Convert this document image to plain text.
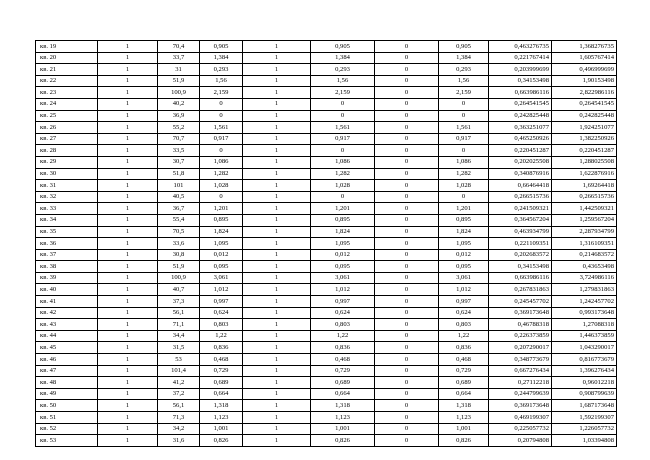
кв. 19	1	70,4	0,905	1	0,905	0	0,905	0,463276735	1,368276735
кв. 20	1	33,7	1,384	1	1,384	0	1,384	0,221767414	1,605767414
кв. 21	1	31	0,293	1	0,293	0	0,293	0,203999699	0,496999699
кв. 22	1	51,9	1,56	1	1,56	0	1,56	0,34153498	1,90153498
кв. 23	1	100,9	2,159	1	2,159	0	2,159	0,663986116	2,822986116
кв. 24	1	40,2	0	1	0	0	0	0,264541545	0,264541545
кв. 25	1	36,9	0	1	0	0	0	0,242825448	0,242825448
кв. 26	1	55,2	1,561	1	1,561	0	1,561	0,363251077	1,924251077
кв. 27	1	70,7	0,917	1	0,917	0	0,917	0,465250926	1,382250926
кв. 28	1	33,5	0	1	0	0	0	0,220451287	0,220451287
кв. 29	1	30,7	1,086	1	1,086	0	1,086	0,202025508	1,288025508
кв. 30	1	51,8	1,282	1	1,282	0	1,282	0,340876916	1,622876916
кв. 31	1	101	1,028	1	1,028	0	1,028	0,66464418	1,69264418
кв. 32	1	40,5	0	1	0	0	0	0,266515736	0,266515736
кв. 33	1	36,7	1,201	1	1,201	0	1,201	0,241509321	1,442509321
кв. 34	1	55,4	0,895	1	0,895	0	0,895	0,364567204	1,259567204
кв. 35	1	70,5	1,824	1	1,824	0	1,824	0,463934799	2,287934799
кв. 36	1	33,6	1,095	1	1,095	0	1,095	0,221109351	1,316109351
кв. 37	1	30,8	0,012	1	0,012	0	0,012	0,202683572	0,214683572
кв. 38	1	51,9	0,095	1	0,095	0	0,095	0,34153498	0,43653498
кв. 39	1	100,9	3,061	1	3,061	0	3,061	0,663986116	3,724986116
кв. 40	1	40,7	1,012	1	1,012	0	1,012	0,267831863	1,279831863
кв. 41	1	37,3	0,997	1	0,997	0	0,997	0,245457702	1,242457702
кв. 42	1	56,1	0,624	1	0,624	0	0,624	0,369173648	0,993173648
кв. 43	1	71,1	0,803	1	0,803	0	0,803	0,46788318	1,27088318
кв. 44	1	34,4	1,22	1	1,22	0	1,22	0,226373859	1,446373859
кв. 45	1	31,5	0,836	1	0,836	0	0,836	0,207290017	1,043290017
кв. 46	1	53	0,468	1	0,468	0	0,468	0,348773679	0,816773679
кв. 47	1	101,4	0,729	1	0,729	0	0,729	0,667276434	1,396276434
кв. 48	1	41,2	0,689	1	0,689	0	0,689	0,27112218	0,96012218
кв. 49	1	37,2	0,664	1	0,664	0	0,664	0,244799639	0,908799639
кв. 50	1	56,1	1,318	1	1,318	0	1,318	0,369173648	1,687173648
кв. 51	1	71,3	1,123	1	1,123	0	1,123	0,469199307	1,592199307
кв. 52	1	34,2	1,001	1	1,001	0	1,001	0,225057732	1,226057732
кв. 53	1	31,6	0,826	1	0,826	0	0,826	0,20794808	1,03394808
